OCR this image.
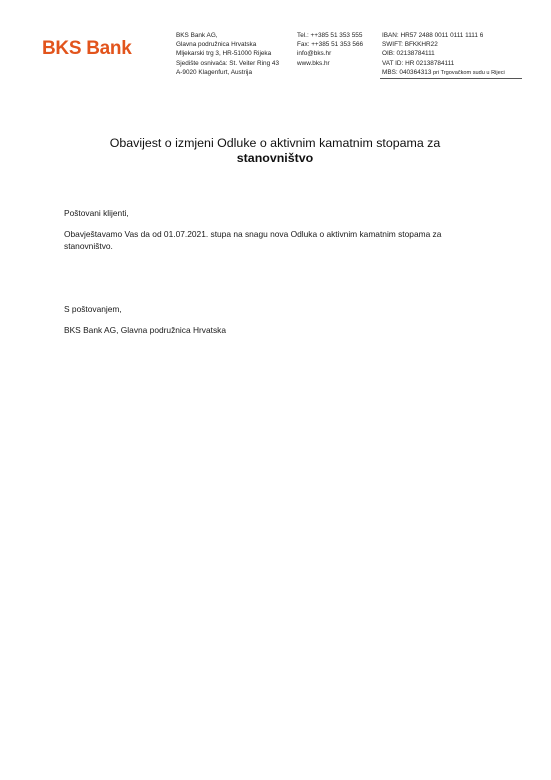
BKS Bank
BKS Bank AG,
Glavna podružnica Hrvatska
Mljekarski trg 3, HR-51000 Rijeka
Sjedište osnivača: St. Veiter Ring 43
A-9020 Klagenfurt, Austrija
Tel.: ++385 51 353 555
Fax: ++385 51 353 566
info@bks.hr
www.bks.hr
IBAN: HR57 2488 0011 0111 1111 6
SWIFT: BFKKHR22
OIB: 02138784111
VAT ID: HR 02138784111
MBS: 040364313 pri Trgovačkom sudu u Rijeci
Obavijest o izmjeni Odluke o aktivnim kamatnim stopama za
stanovništvo
Poštovani klijenti,
Obavještavamo Vas da od 01.07.2021. stupa na snagu nova Odluka o aktivnim kamatnim stopama za
stanovništvo.
S poštovanjem,
BKS Bank AG, Glavna podružnica Hrvatska
